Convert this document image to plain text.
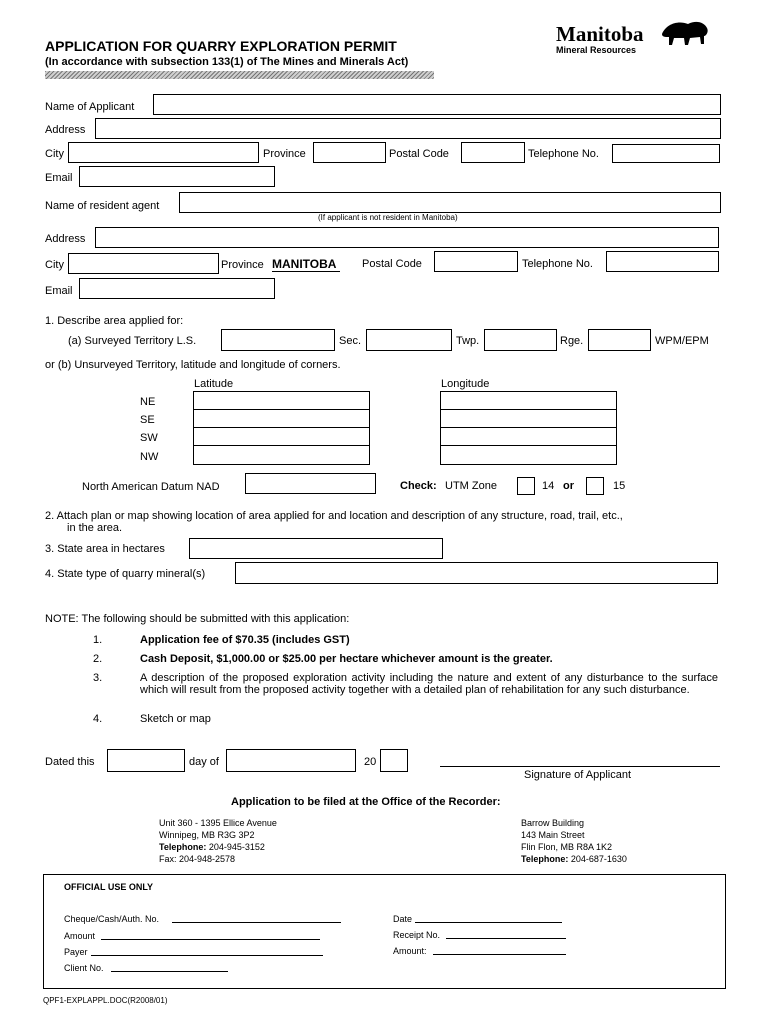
APPLICATION FOR QUARRY EXPLORATION PERMIT
(In accordance with subsection 133(1) of The Mines and Minerals Act)
Manitoba
Mineral Resources
Name of Applicant
Address
City	Province	Postal Code	Telephone No.
Email
Name of resident agent
(If applicant is not resident in Manitoba)
Address
City	Province MANITOBA	Postal Code	Telephone No.
Email
1. Describe area applied for:
(a) Surveyed Territory L.S.	Sec.	Twp.	Rge.	WPM/EPM
or (b) Unsurveyed Territory, latitude and longitude of corners.
Latitude	Longitude
NE
SE
SW
NW
North American Datum NAD	Check: UTM Zone	14 or	15
2. Attach plan or map showing location of area applied for and location and description of any structure, road, trail, etc.,
in the area.
3. State area in hectares
4. State type of quarry mineral(s)
NOTE: The following should be submitted with this application:
1.	Application fee of $70.35 (includes GST)
2.	Cash Deposit, $1,000.00 or $25.00 per hectare whichever amount is the greater.
3.	A description of the proposed exploration activity including the nature and extent of any disturbance to the surface which will result from the proposed activity together with a detailed plan of rehabilitation for any such disturbance.
4.	Sketch or map
Dated this	day of	20
Signature of Applicant
Application to be filed at the Office of the Recorder:
Unit 360 - 1395 Ellice Avenue
Winnipeg, MB R3G 3P2
Telephone: 204-945-3152
Fax: 204-948-2578
Barrow Building
143 Main Street
Flin Flon, MB R8A 1K2
Telephone: 204-687-1630
OFFICIAL USE ONLY
Cheque/Cash/Auth. No.
Amount
Payer
Client No.
Date
Receipt No.
Amount:
QPF1-EXPLAPPL.DOC(R2008/01)
